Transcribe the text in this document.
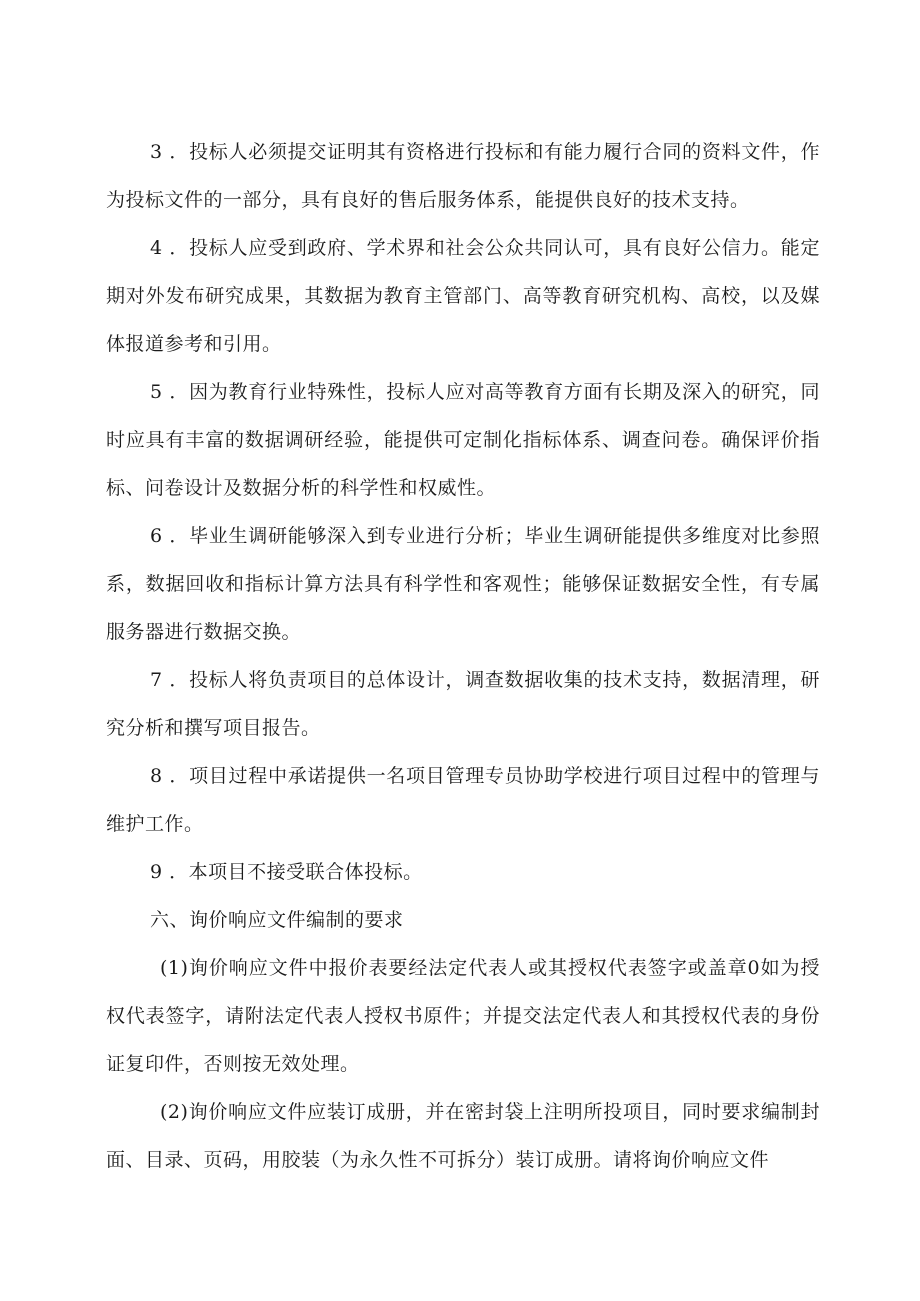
3 ．投标人必须提交证明其有资格进行投标和有能力履行合同的资料文件，作为投标文件的一部分，具有良好的售后服务体系，能提供良好的技术支持。

4 ．投标人应受到政府、学术界和社会公众共同认可，具有良好公信力。能定期对外发布研究成果，其数据为教育主管部门、高等教育研究机构、高校，以及媒体报道参考和引用。

5 ．因为教育行业特殊性，投标人应对高等教育方面有长期及深入的研究，同时应具有丰富的数据调研经验，能提供可定制化指标体系、调查问卷。确保评价指标、问卷设计及数据分析的科学性和权威性。

6 ．毕业生调研能够深入到专业进行分析；毕业生调研能提供多维度对比参照系，数据回收和指标计算方法具有科学性和客观性；能够保证数据安全性，有专属服务器进行数据交换。

7 ．投标人将负责项目的总体设计，调查数据收集的技术支持，数据清理，研究分析和撰写项目报告。

8 ．项目过程中承诺提供一名项目管理专员协助学校进行项目过程中的管理与维护工作。

9 ．本项目不接受联合体投标。

六、询价响应文件编制的要求

(1)询价响应文件中报价表要经法定代表人或其授权代表签字或盖章0如为授权代表签字，请附法定代表人授权书原件；并提交法定代表人和其授权代表的身份证复印件，否则按无效处理。

(2)询价响应文件应装订成册，并在密封袋上注明所投项目，同时要求编制封面、目录、页码，用胶装（为永久性不可拆分）装订成册。请将询价响应文件
